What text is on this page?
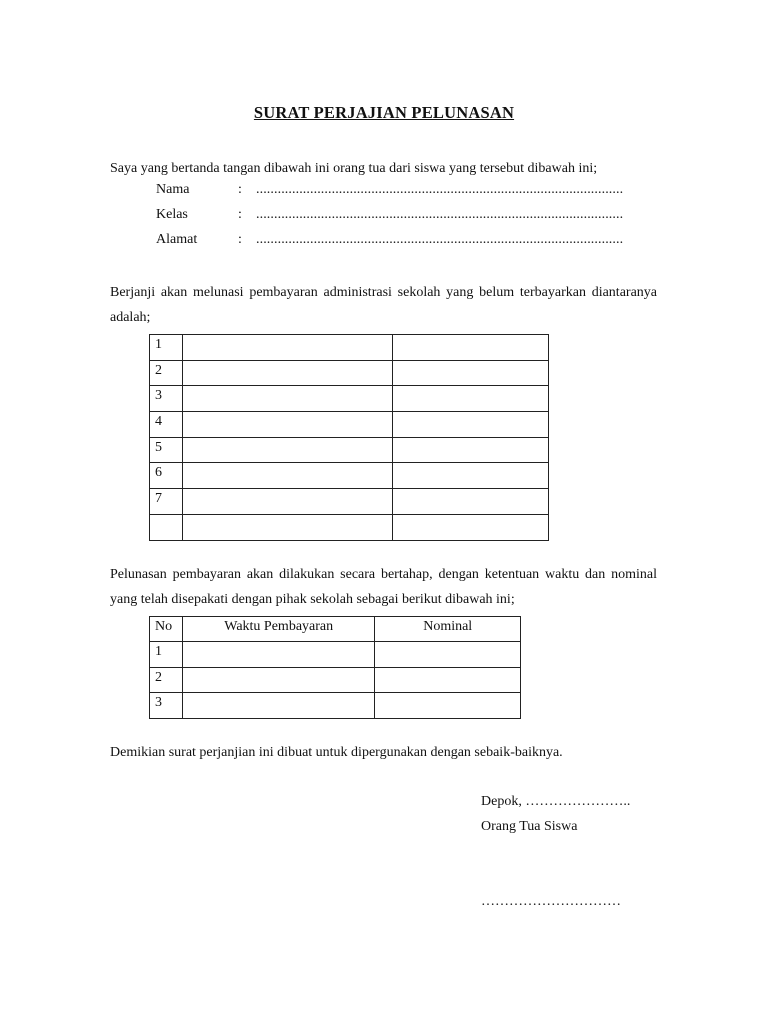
SURAT PERJAJIAN PELUNASAN
Saya yang bertanda tangan dibawah ini orang tua dari siswa yang tersebut dibawah ini;
Nama	:	......................................................................................................
Kelas	:	......................................................................................................
Alamat	:	......................................................................................................
Berjanji akan melunasi pembayaran administrasi sekolah yang belum terbayarkan diantaranya adalah;
1		
2		
3		
4		
5		
6		
7		

Pelunasan pembayaran akan dilakukan secara bertahap, dengan ketentuan waktu dan nominal yang telah disepakati dengan pihak sekolah sebagai berikut dibawah ini;
No	Waktu Pembayaran	Nominal
1		
2		
3		
Demikian surat perjanjian ini dibuat untuk dipergunakan dengan sebaik-baiknya.
Depok, …………………..
Orang Tua Siswa
…………………………
